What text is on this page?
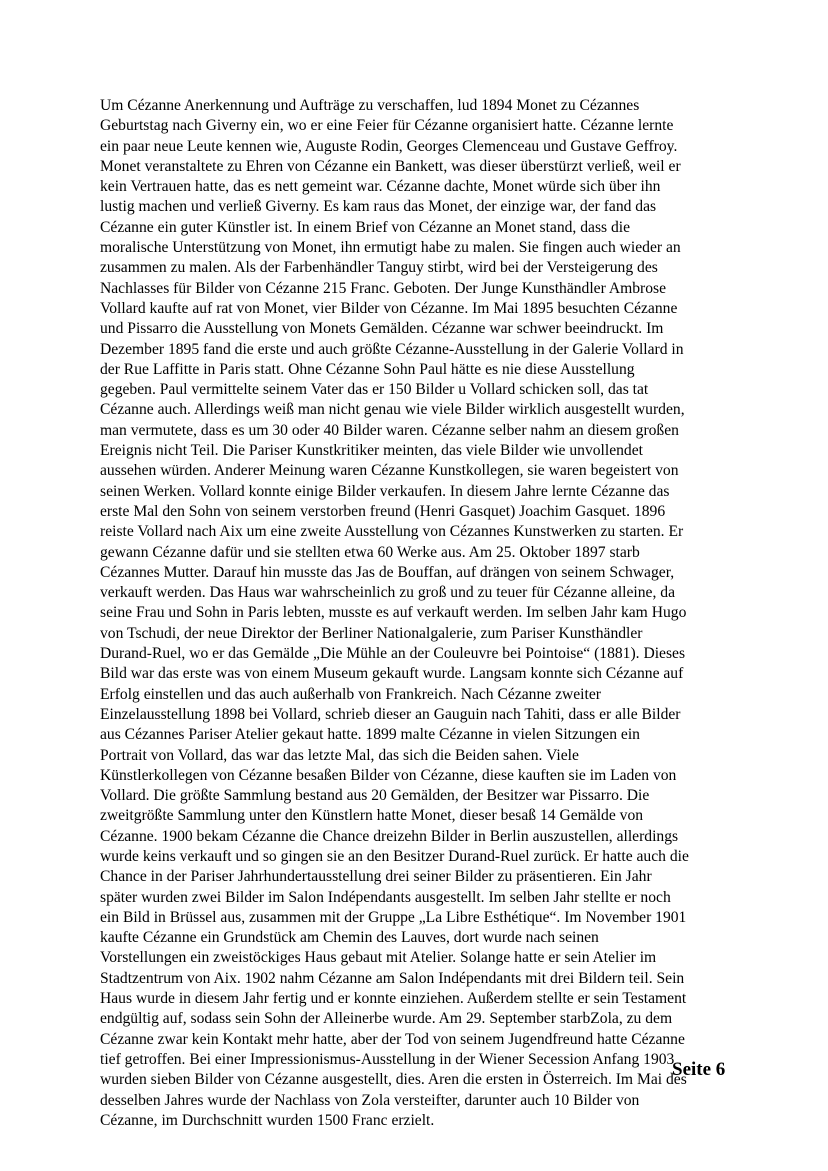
Um Cézanne Anerkennung und Aufträge zu verschaffen, lud 1894 Monet zu Cézannes
Geburtstag nach Giverny ein, wo er eine Feier für Cézanne organisiert hatte. Cézanne lernte
ein paar neue Leute kennen wie, Auguste Rodin, Georges Clemenceau und Gustave Geffroy.
Monet veranstaltete zu Ehren von Cézanne ein Bankett, was dieser überstürzt verließ, weil er
kein Vertrauen hatte, das es nett gemeint war. Cézanne dachte, Monet würde sich über ihn
lustig machen und verließ Giverny. Es kam raus das Monet, der einzige war, der fand das
Cézanne ein guter Künstler ist. In einem Brief von Cézanne an Monet stand, dass die
moralische Unterstützung von Monet, ihn ermutigt habe zu malen. Sie fingen auch wieder an
zusammen zu malen. Als der Farbenhändler Tanguy stirbt, wird bei der Versteigerung des
Nachlasses für Bilder von Cézanne 215 Franc. Geboten. Der Junge Kunsthändler Ambrose
Vollard kaufte auf rat von Monet, vier Bilder von Cézanne. Im Mai 1895 besuchten Cézanne
und Pissarro die Ausstellung von Monets Gemälden. Cézanne war schwer beeindruckt. Im
Dezember 1895 fand die erste und auch größte Cézanne-Ausstellung in der Galerie Vollard in
der Rue Laffitte in Paris statt. Ohne Cézanne Sohn Paul hätte es nie diese Ausstellung
gegeben. Paul vermittelte seinem Vater das er 150 Bilder u Vollard schicken soll, das tat
Cézanne auch. Allerdings weiß man nicht genau wie viele Bilder wirklich ausgestellt wurden,
man vermutete, dass es um 30 oder 40 Bilder waren. Cézanne selber nahm an diesem großen
Ereignis nicht Teil. Die Pariser Kunstkritiker meinten, das viele Bilder wie unvollendet
aussehen würden. Anderer Meinung waren Cézanne Kunstkollegen, sie waren begeistert von
seinen Werken. Vollard konnte einige Bilder verkaufen. In diesem Jahre lernte Cézanne das
erste Mal den Sohn von seinem verstorben freund (Henri Gasquet) Joachim Gasquet. 1896
reiste Vollard nach Aix um eine zweite Ausstellung von Cézannes Kunstwerken zu starten. Er
gewann Cézanne dafür und sie stellten etwa 60 Werke aus. Am 25. Oktober 1897 starb
Cézannes Mutter. Darauf hin musste das Jas de Bouffan, auf drängen von seinem Schwager,
verkauft werden. Das Haus war wahrscheinlich zu groß und zu teuer für Cézanne alleine, da
seine Frau und Sohn in Paris lebten, musste es auf verkauft werden. Im selben Jahr kam Hugo
von Tschudi, der neue Direktor der Berliner Nationalgalerie, zum Pariser Kunsthändler
Durand-Ruel, wo er das Gemälde „Die Mühle an der Couleuvre bei Pointoise“ (1881). Dieses
Bild war das erste was von einem Museum gekauft wurde. Langsam konnte sich Cézanne auf
Erfolg einstellen und das auch außerhalb von Frankreich. Nach Cézanne zweiter
Einzelausstellung 1898 bei Vollard, schrieb dieser an Gauguin nach Tahiti, dass er alle Bilder
aus Cézannes Pariser Atelier gekaut hatte. 1899 malte Cézanne in vielen Sitzungen ein
Portrait von Vollard, das war das letzte Mal, das sich die Beiden sahen. Viele
Künstlerkollegen von Cézanne besaßen Bilder von Cézanne, diese kauften sie im Laden von
Vollard. Die größte Sammlung bestand aus 20 Gemälden, der Besitzer war Pissarro. Die
zweitgrößte Sammlung unter den Künstlern hatte Monet, dieser besaß 14 Gemälde von
Cézanne. 1900 bekam Cézanne die Chance dreizehn Bilder in Berlin auszustellen, allerdings
wurde keins verkauft und so gingen sie an den Besitzer Durand-Ruel zurück. Er hatte auch die
Chance in der Pariser Jahrhundertausstellung drei seiner Bilder zu präsentieren. Ein Jahr
später wurden zwei Bilder im Salon Indépendants ausgestellt. Im selben Jahr stellte er noch
ein Bild in Brüssel aus, zusammen mit der Gruppe „La Libre Esthétique“. Im November 1901
kaufte Cézanne ein Grundstück am Chemin des Lauves, dort wurde nach seinen
Vorstellungen ein zweistöckiges Haus gebaut mit Atelier. Solange hatte er sein Atelier im
Stadtzentrum von Aix. 1902 nahm Cézanne am Salon Indépendants mit drei Bildern teil. Sein
Haus wurde in diesem Jahr fertig und er konnte einziehen. Außerdem stellte er sein Testament
endgültig auf, sodass sein Sohn der Alleinerbe wurde. Am 29. September starbZola, zu dem
Cézanne zwar kein Kontakt mehr hatte, aber der Tod von seinem Jugendfreund hatte Cézanne
tief getroffen. Bei einer Impressionismus-Ausstellung in der Wiener Secession Anfang 1903
wurden sieben Bilder von Cézanne ausgestellt, dies. Aren die ersten in Österreich. Im Mai des
desselben Jahres wurde der Nachlass von Zola versteifter, darunter auch 10 Bilder von
Cézanne, im Durchschnitt wurden 1500 Franc erzielt.
Seite 6
